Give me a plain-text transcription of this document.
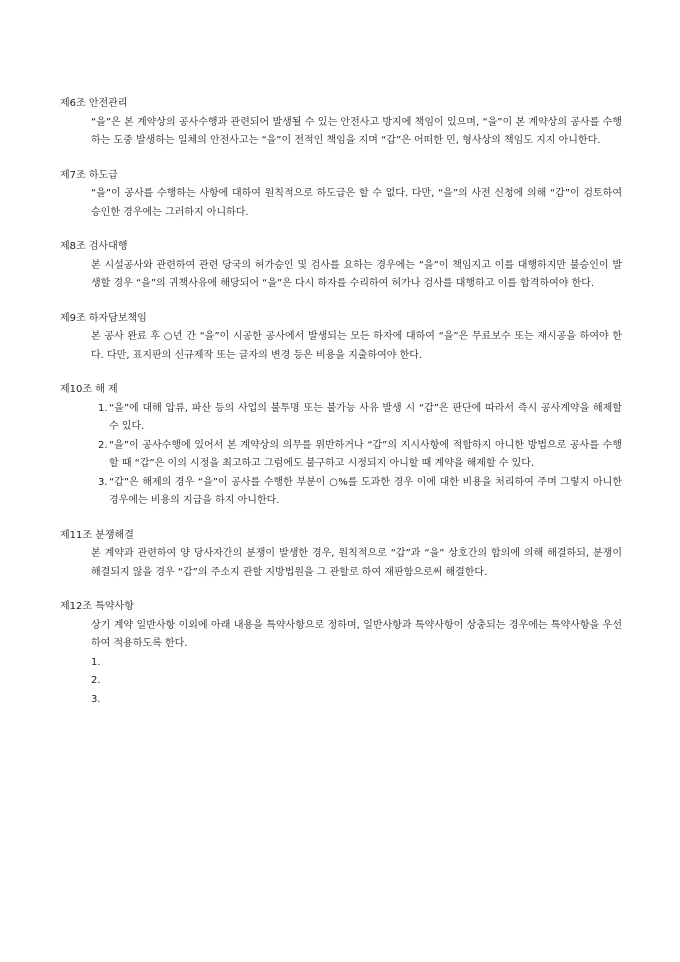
제6조 안전관리

“을”은 본 계약상의 공사수행과 관련되어 발생될 수 있는 안전사고 방지에 책임이 있으며, “을”이 본 계약상의 공사를 수행하는 도중 발생하는 일체의 안전사고는 “을”이 전적인 책임을 지며 “갑”은 어떠한 민, 형사상의 책임도 지지 아니한다.

제7조 하도급

“을”이 공사를 수행하는 사항에 대하여 원칙적으로 하도급은 할 수 없다. 다만, “을”의 사전 신청에 의해 “갑”이 검토하여 승인한 경우에는 그러하지 아니하다.

제8조 검사대행

본 시설공사와 관련하여 관련 당국의 허가승인 및 검사를 요하는 경우에는 “을”이 책임지고 이를 대행하지만 불승인이 발생할 경우 “을”의 귀책사유에 해당되어 “을”은 다시 하자를 수리하여 허가나 검사를 대행하고 이를 합격하여야 한다.

제9조 하자담보책임

본 공사 완료 후 ○년 간 “을”이 시공한 공사에서 발생되는 모든 하자에 대하여 “을”은 무료보수 또는 재시공을 하여야 한다. 다만, 표지판의 신규제작 또는 글자의 변경 등은 비용을 지출하여야 한다.

제10조 해 제

1. “을”에 대해 압류, 파산 등의 사업의 불투명 또는 불가능 사유 발생 시 “갑”은 판단에 따라서 즉시 공사계약을 해제할 수 있다.
2. “을”이 공사수행에 있어서 본 계약상의 의무를 위반하거나 “갑”의 지시사항에 적합하지 아니한 방법으로 공사를 수행할 때 “갑”은 이의 시정을 최고하고 그럼에도 불구하고 시정되지 아니할 때 계약을 해제할 수 있다.
3. “갑”은 해제의 경우 “을”이 공사를 수행한 부분이 ○%를 도과한 경우 이에 대한 비용을 처리하여 주며 그렇지 아니한 경우에는 비용의 지급을 하지 아니한다.

제11조 분쟁해결

본 계약과 관련하여 양 당사자간의 분쟁이 발생한 경우, 원칙적으로 “갑”과 “을” 상호간의 합의에 의해 해결하되, 분쟁이 해결되지 않을 경우 “갑”의 주소지 관할 지방법원을 그 관할로 하여 재판함으로써 해결한다.

제12조 특약사항

상기 계약 일반사항 이외에 아래 내용을 특약사항으로 정하며, 일반사항과 특약사항이 상충되는 경우에는 특약사항을 우선하여 적용하도록 한다.

1.
2.
3.
